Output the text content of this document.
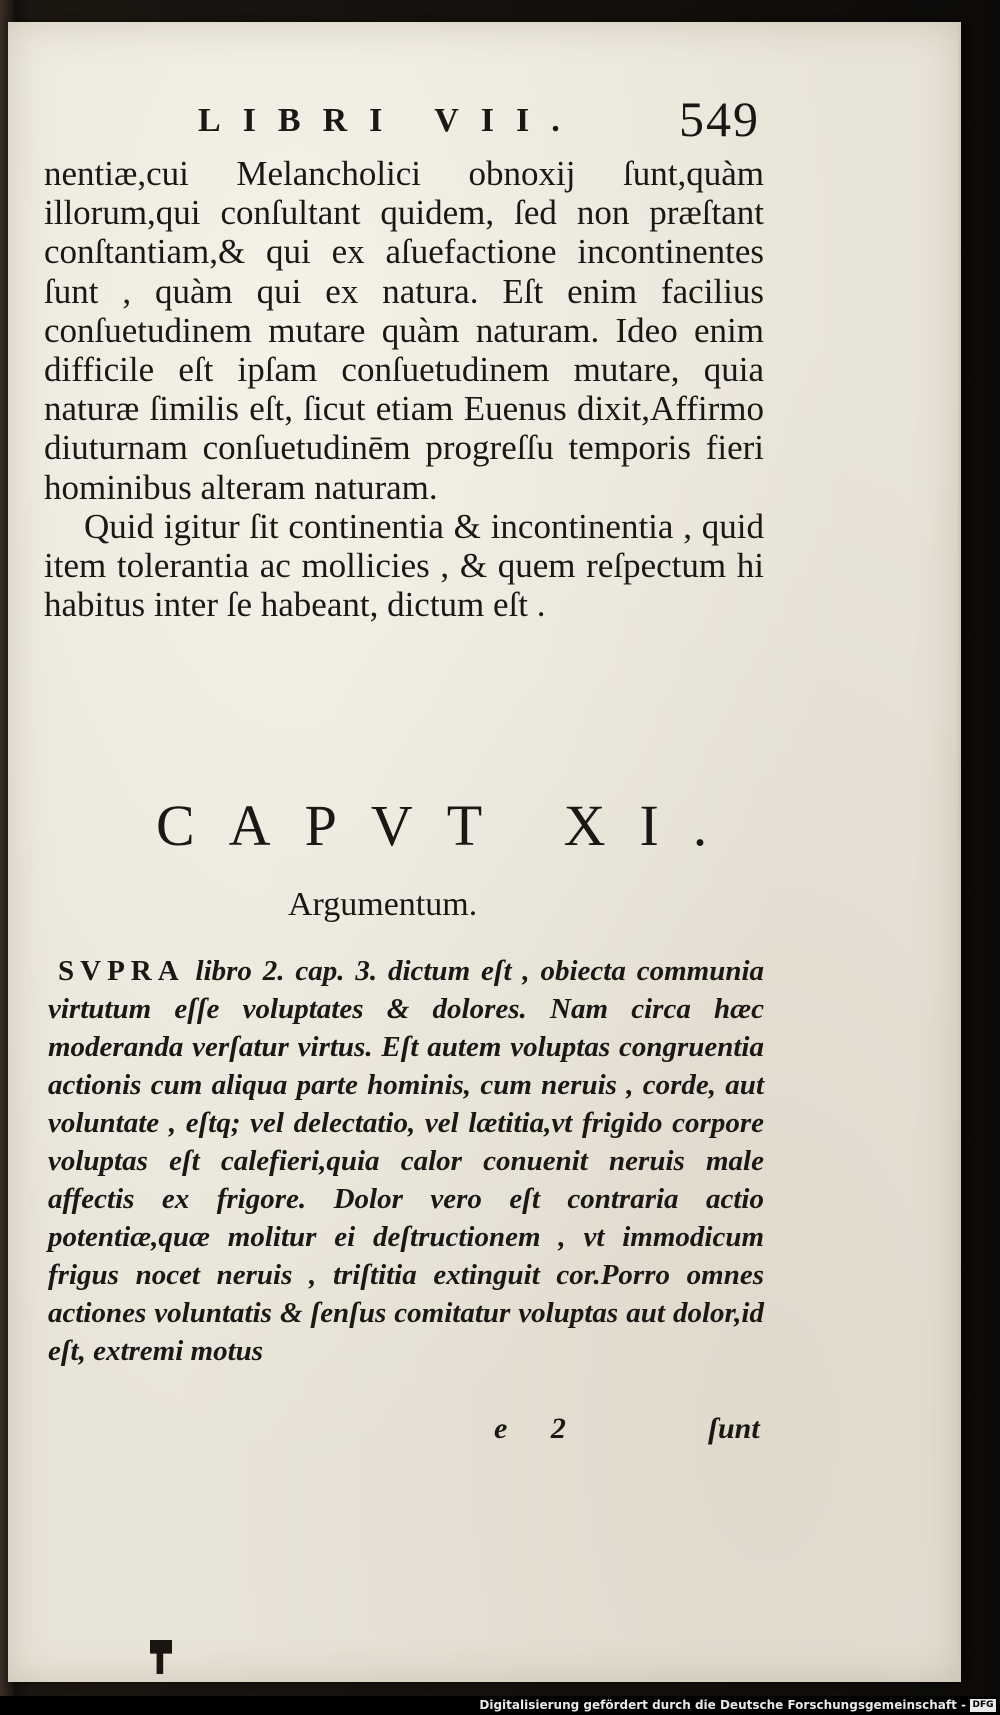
LIBRI VII. 549

nentiæ,cui Melancholici obnoxij ſunt,quàm illorum,qui conſultant quidem, ſed non præſtant conſtantiam,& qui ex aſuefactione incontinentes ſunt , quàm qui ex natura. Eſt enim facilius conſuetudinem mutare quàm naturam. Ideo enim difficile eſt ipſam conſuetudinem mutare, quia naturæ ſimilis eſt, ſicut etiam Euenus dixit,Affirmo diuturnam conſuetudinēm progreſſu temporis fieri hominibus alteram naturam.

Quid igitur ſit continentia & incontinentia , quid item tolerantia ac mollicies , & quem reſpectum hi habitus inter ſe habeant, dictum eſt .

CAPVT XI.
Argumentum.

SVPRA libro 2. cap. 3. dictum eſt , obiecta communia virtutum eſſe voluptates & dolores. Nam circa hæc moderanda verſatur virtus. Eſt autem voluptas congruentia actionis cum aliqua parte hominis, cum neruis , corde, aut voluntate , eſtq; vel delectatio, vel lætitia,vt frigido corpore voluptas eſt calefieri,quia calor conuenit neruis male affectis ex frigore. Dolor vero eſt contraria actio potentiæ,quæ molitur ei deſtructionem , vt immodicum frigus nocet neruis , triſtitia extinguit cor.Porro omnes actiones voluntatis & ſenſus comitatur voluptas aut dolor,id eſt, extremi motus

e 2	ſunt
Digitalisierung gefördert durch die Deutsche Forschungsgemeinschaft - DFG
